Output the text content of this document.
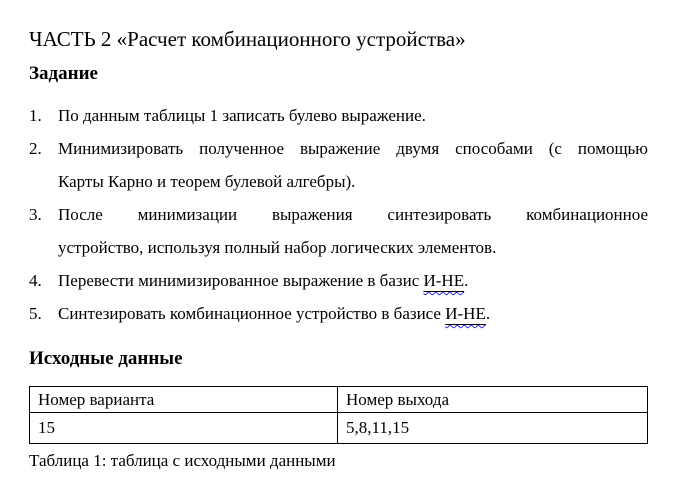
ЧАСТЬ 2 «Расчет комбинационного устройства»
Задание
1. По данным таблицы 1 записать булево выражение.
2. Минимизировать полученное выражение двумя способами (с помощью
Карты Карно и теорем булевой алгебры).
3. После минимизации выражения синтезировать комбинационное
устройство, используя полный набор логических элементов.
4. Перевести минимизированное выражение в базис И-НЕ.
5. Синтезировать комбинационное устройство в базисе И-НЕ.
Исходные данные
Номер варианта	Номер выхода
15	5,8,11,15
Таблица 1: таблица с исходными данными
